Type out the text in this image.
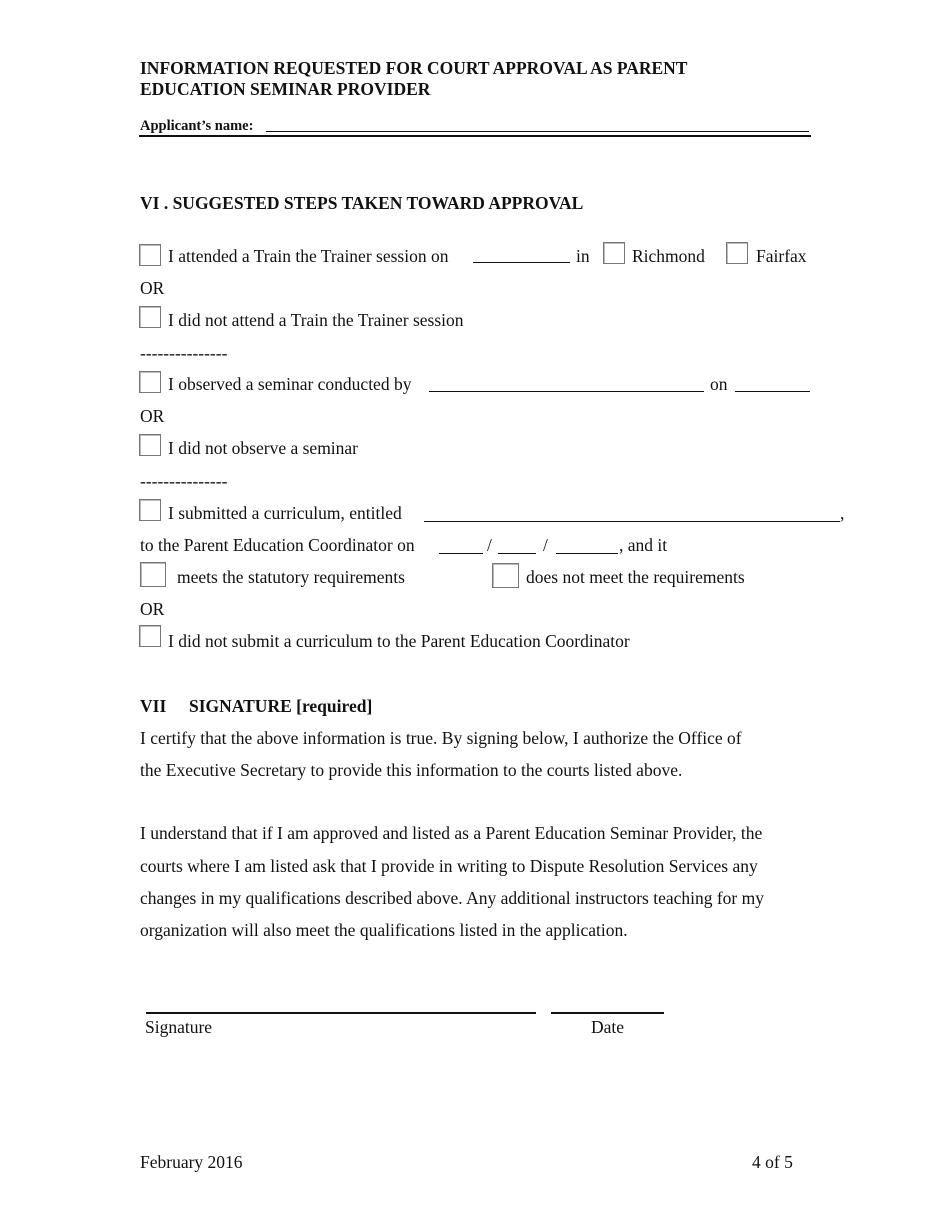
INFORMATION REQUESTED FOR COURT APPROVAL AS PARENT
EDUCATION SEMINAR PROVIDER
Applicant’s name:
VI . SUGGESTED STEPS TAKEN TOWARD APPROVAL
I attended a Train the Trainer session on	in Richmond	Fairfax
OR
I did not attend a Train the Trainer session
---------------
I observed a seminar conducted by	on
OR
I did not observe a seminar
---------------
I submitted a curriculum, entitled	,
to the Parent Education Coordinator on	/	/	, and it
meets the statutory requirements	does not meet the requirements
OR
I did not submit a curriculum to the Parent Education Coordinator
VII SIGNATURE [required]
I certify that the above information is true. By signing below, I authorize the Office of
the Executive Secretary to provide this information to the courts listed above.
I understand that if I am approved and listed as a Parent Education Seminar Provider, the
courts where I am listed ask that I provide in writing to Dispute Resolution Services any
changes in my qualifications described above. Any additional instructors teaching for my
organization will also meet the qualifications listed in the application.
Signature	Date
February 2016	4 of 5
